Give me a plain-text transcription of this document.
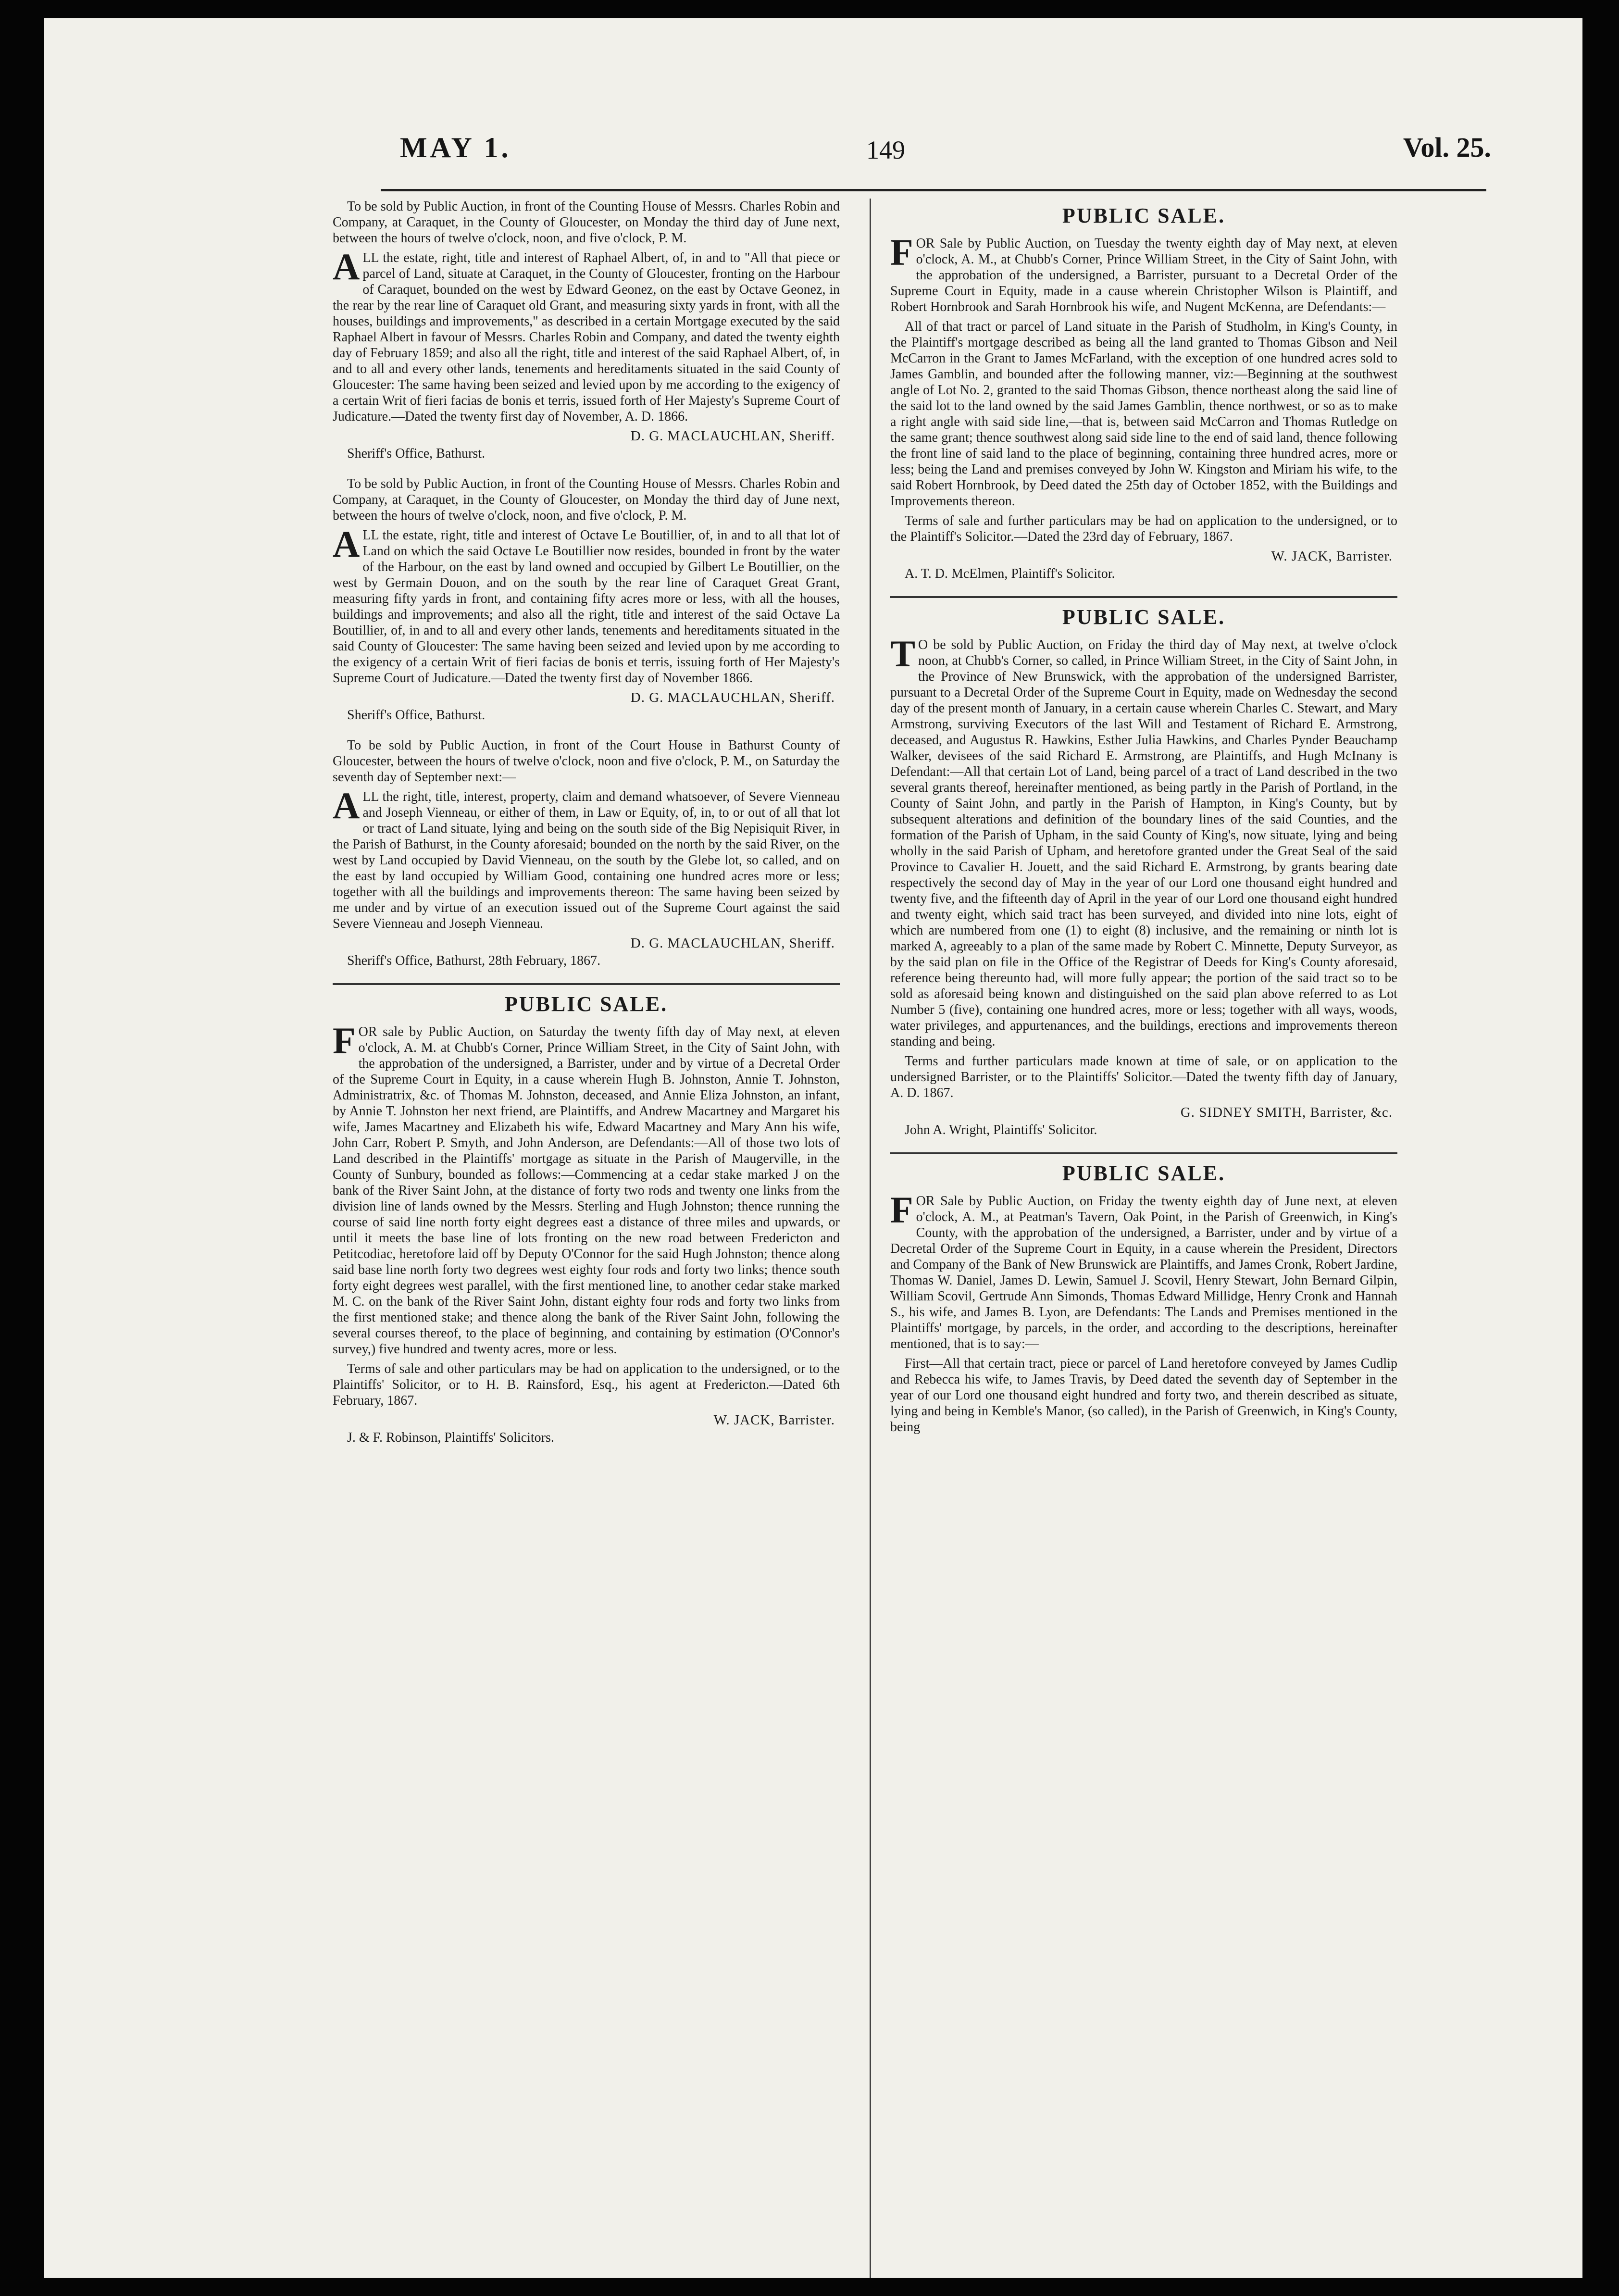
MAY 1.	149	Vol. 25.
To be sold by Public Auction, in front of the Counting House of Messrs. Charles Robin and Company, at Caraquet, in the County of Gloucester, on Monday the third day of June next, between the hours of twelve o'clock, noon, and five o'clock, P. M.
A LL the estate, right, title and interest of Raphael Albert, of, in and to "All that piece or parcel of Land, situate at Caraquet, in the County of Gloucester, fronting on the Harbour of Caraquet, bounded on the west by Edward Geonez, on the east by Octave Geonez, in the rear by the rear line of Caraquet old Grant, and measuring sixty yards in front, with all the houses, buildings and improvements," as described in a certain Mortgage executed by the said Raphael Albert in favour of Messrs. Charles Robin and Company, and dated the twenty eighth day of February 1859; and also all the right, title and interest of the said Raphael Albert, of, in and to all and every other lands, tenements and hereditaments situated in the said County of Gloucester: The same having been seized and levied upon by me according to the exigency of a certain Writ of fieri facias de bonis et terris, issued forth of Her Majesty's Supreme Court of Judicature.—Dated the twenty first day of November, A. D. 1866.
D. G. MACLAUCHLAN, Sheriff.
Sheriff's Office, Bathurst.
To be sold by Public Auction, in front of the Counting House of Messrs. Charles Robin and Company, at Caraquet, in the County of Gloucester, on Monday the third day of June next, between the hours of twelve o'clock, noon, and five o'clock, P. M.
A LL the estate, right, title and interest of Octave Le Boutillier, of, in and to all that lot of Land on which the said Octave Le Boutillier now resides, bounded in front by the water of the Harbour, on the east by land owned and occupied by Gilbert Le Boutillier, on the west by Germain Douon, and on the south by the rear line of Caraquet Great Grant, measuring fifty yards in front, and containing fifty acres more or less, with all the houses, buildings and improvements; and also all the right, title and interest of the said Octave La Boutillier, of, in and to all and every other lands, tenements and hereditaments situated in the said County of Gloucester: The same having been seized and levied upon by me according to the exigency of a certain Writ of fieri facias de bonis et terris, issuing forth of Her Majesty's Supreme Court of Judicature.—Dated the twenty first day of November 1866.
D. G. MACLAUCHLAN, Sheriff.
Sheriff's Office, Bathurst.
To be sold by Public Auction, in front of the Court House in Bathurst County of Gloucester, between the hours of twelve o'clock, noon and five o'clock, P. M., on Saturday the seventh day of September next:—
A LL the right, title, interest, property, claim and demand whatsoever, of Severe Vienneau and Joseph Vienneau, or either of them, in Law or Equity, of, in, to or out of all that lot or tract of Land situate, lying and being on the south side of the Big Nepisiquit River, in the Parish of Bathurst, in the County aforesaid; bounded on the north by the said River, on the west by Land occupied by David Vienneau, on the south by the Glebe lot, so called, and on the east by land occupied by William Good, containing one hundred acres more or less; together with all the buildings and improvements thereon: The same having been seized by me under and by virtue of an execution issued out of the Supreme Court against the said Severe Vienneau and Joseph Vienneau.
D. G. MACLAUCHLAN, Sheriff.
Sheriff's Office, Bathurst, 28th February, 1867.
PUBLIC SALE.
F OR sale by Public Auction, on Saturday the twenty fifth day of May next, at eleven o'clock, A. M. at Chubb's Corner, Prince William Street, in the City of Saint John, with the approbation of the undersigned, a Barrister, under and by virtue of a Decretal Order of the Supreme Court in Equity, in a cause wherein Hugh B. Johnston, Annie T. Johnston, Administratrix, &c. of Thomas M. Johnston, deceased, and Annie Eliza Johnston, an infant, by Annie T. Johnston her next friend, are Plaintiffs, and Andrew Macartney and Margaret his wife, James Macartney and Elizabeth his wife, Edward Macartney and Mary Ann his wife, John Carr, Robert P. Smyth, and John Anderson, are Defendants:—All of those two lots of Land described in the Plaintiffs' mortgage as situate in the Parish of Maugerville, in the County of Sunbury, bounded as follows:—Commencing at a cedar stake marked J on the bank of the River Saint John, at the distance of forty two rods and twenty one links from the division line of lands owned by the Messrs. Sterling and Hugh Johnston; thence running the course of said line north forty eight degrees east a distance of three miles and upwards, or until it meets the base line of lots fronting on the new road between Fredericton and Petitcodiac, heretofore laid off by Deputy O'Connor for the said Hugh Johnston; thence along said base line north forty two degrees west eighty four rods and forty two links; thence south forty eight degrees west parallel, with the first mentioned line, to another cedar stake marked M. C. on the bank of the River Saint John, distant eighty four rods and forty two links from the first mentioned stake; and thence along the bank of the River Saint John, following the several courses thereof, to the place of beginning, and containing by estimation (O'Connor's survey,) five hundred and twenty acres, more or less.
Terms of sale and other particulars may be had on application to the undersigned, or to the Plaintiffs' Solicitor, or to H. B. Rainsford, Esq., his agent at Fredericton.—Dated 6th February, 1867.
W. JACK, Barrister.
J. & F. Robinson, Plaintiffs' Solicitors.
PUBLIC SALE.
F OR Sale by Public Auction, on Tuesday the twenty eighth day of May next, at eleven o'clock, A. M., at Chubb's Corner, Prince William Street, in the City of Saint John, with the approbation of the undersigned, a Barrister, pursuant to a Decretal Order of the Supreme Court in Equity, made in a cause wherein Christopher Wilson is Plaintiff, and Robert Hornbrook and Sarah Hornbrook his wife, and Nugent McKenna, are Defendants:—
All of that tract or parcel of Land situate in the Parish of Studholm, in King's County, in the Plaintiff's mortgage described as being all the land granted to Thomas Gibson and Neil McCarron in the Grant to James McFarland, with the exception of one hundred acres sold to James Gamblin, and bounded after the following manner, viz:—Beginning at the southwest angle of Lot No. 2, granted to the said Thomas Gibson, thence northeast along the said line of the said lot to the land owned by the said James Gamblin, thence northwest, or so as to make a right angle with said side line,—that is, between said McCarron and Thomas Rutledge on the same grant; thence southwest along said side line to the end of said land, thence following the front line of said land to the place of beginning, containing three hundred acres, more or less; being the Land and premises conveyed by John W. Kingston and Miriam his wife, to the said Robert Hornbrook, by Deed dated the 25th day of October 1852, with the Buildings and Improvements thereon.
Terms of sale and further particulars may be had on application to the undersigned, or to the Plaintiff's Solicitor.—Dated the 23rd day of February, 1867.
W. JACK, Barrister.
A. T. D. McElmen, Plaintiff's Solicitor.
PUBLIC SALE.
T O be sold by Public Auction, on Friday the third day of May next, at twelve o'clock noon, at Chubb's Corner, so called, in Prince William Street, in the City of Saint John, in the Province of New Brunswick, with the approbation of the undersigned Barrister, pursuant to a Decretal Order of the Supreme Court in Equity, made on Wednesday the second day of the present month of January, in a certain cause wherein Charles C. Stewart, and Mary Armstrong, surviving Executors of the last Will and Testament of Richard E. Armstrong, deceased, and Augustus R. Hawkins, Esther Julia Hawkins, and Charles Pynder Beauchamp Walker, devisees of the said Richard E. Armstrong, are Plaintiffs, and Hugh McInany is Defendant:—All that certain Lot of Land, being parcel of a tract of Land described in the two several grants thereof, hereinafter mentioned, as being partly in the Parish of Portland, in the County of Saint John, and partly in the Parish of Hampton, in King's County, but by subsequent alterations and definition of the boundary lines of the said Counties, and the formation of the Parish of Upham, in the said County of King's, now situate, lying and being wholly in the said Parish of Upham, and heretofore granted under the Great Seal of the said Province to Cavalier H. Jouett, and the said Richard E. Armstrong, by grants bearing date respectively the second day of May in the year of our Lord one thousand eight hundred and twenty five, and the fifteenth day of April in the year of our Lord one thousand eight hundred and twenty eight, which said tract has been surveyed, and divided into nine lots, eight of which are numbered from one (1) to eight (8) inclusive, and the remaining or ninth lot is marked A, agreeably to a plan of the same made by Robert C. Minnette, Deputy Surveyor, as by the said plan on file in the Office of the Registrar of Deeds for King's County aforesaid, reference being thereunto had, will more fully appear; the portion of the said tract so to be sold as aforesaid being known and distinguished on the said plan above referred to as Lot Number 5 (five), containing one hundred acres, more or less; together with all ways, woods, water privileges, and appurtenances, and the buildings, erections and improvements thereon standing and being.
Terms and further particulars made known at time of sale, or on application to the undersigned Barrister, or to the Plaintiffs' Solicitor.—Dated the twenty fifth day of January, A. D. 1867.
G. SIDNEY SMITH, Barrister, &c.
John A. Wright, Plaintiffs' Solicitor.
PUBLIC SALE.
F OR Sale by Public Auction, on Friday the twenty eighth day of June next, at eleven o'clock, A. M., at Peatman's Tavern, Oak Point, in the Parish of Greenwich, in King's County, with the approbation of the undersigned, a Barrister, under and by virtue of a Decretal Order of the Supreme Court in Equity, in a cause wherein the President, Directors and Company of the Bank of New Brunswick are Plaintiffs, and James Cronk, Robert Jardine, Thomas W. Daniel, James D. Lewin, Samuel J. Scovil, Henry Stewart, John Bernard Gilpin, William Scovil, Gertrude Ann Simonds, Thomas Edward Millidge, Henry Cronk and Hannah S., his wife, and James B. Lyon, are Defendants: The Lands and Premises mentioned in the Plaintiffs' mortgage, by parcels, in the order, and according to the descriptions, hereinafter mentioned, that is to say:—
First—All that certain tract, piece or parcel of Land heretofore conveyed by James Cudlip and Rebecca his wife, to James Travis, by Deed dated the seventh day of September in the year of our Lord one thousand eight hundred and forty two, and therein described as situate, lying and being in Kemble's Manor, (so called), in the Parish of Greenwich, in King's County, being
